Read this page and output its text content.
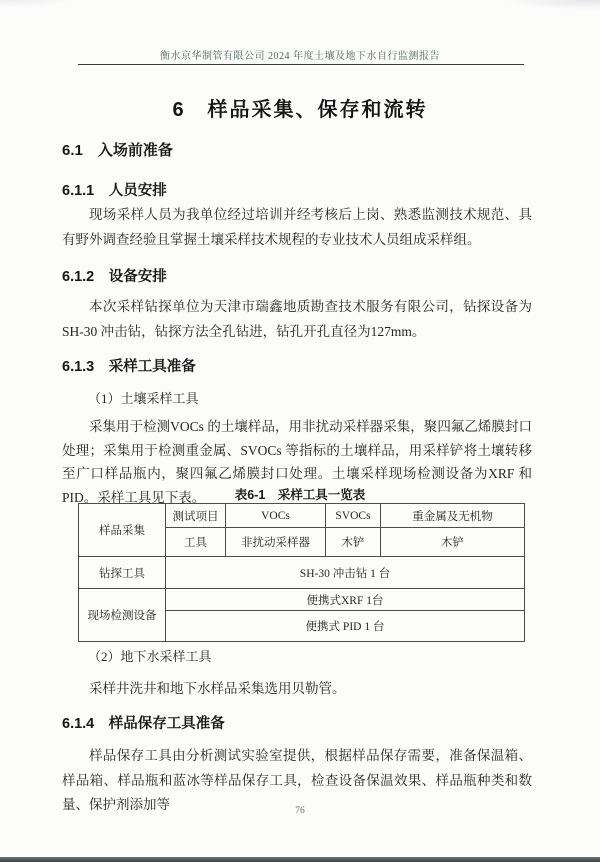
衡水京华制管有限公司 2024 年度土壤及地下水自行监测报告
6　样品采集、保存和流转
6.1　入场前准备
6.1.1　人员安排

现场采样人员为我单位经过培训并经考核后上岗、熟悉监测技术规范、具有野外调查经验且掌握土壤采样技术规程的专业技术人员组成采样组。

6.1.2　设备安排

本次采样钻探单位为天津市瑞鑫地质勘查技术服务有限公司，钻探设备为SH-30 冲击钻，钻探方法全孔钻进，钻孔开孔直径为127mm。

6.1.3　采样工具准备

（1）土壤采样工具

采集用于检测VOCs 的土壤样品，用非扰动采样器采集，聚四氟乙烯膜封口处理；采集用于检测重金属、SVOCs 等指标的土壤样品，用采样铲将土壤转移至广口样品瓶内，聚四氟乙烯膜封口处理。土壤采样现场检测设备为XRF 和PID。采样工具见下表。	表6-1　采样工具一览表
样品采集	测试项目	VOCs	SVOCs	重金属及无机物
	工具	非扰动采样器	木铲	木铲
钻探工具	SH-30 冲击钻 1 台			
现场检测设备	便携式XRF 1台			
	便携式 PID 1 台			

（2）地下水采样工具

采样井洗井和地下水样品采集选用贝勒管。

6.1.4　样品保存工具准备

样品保存工具由分析测试实验室提供，根据样品保存需要，准备保温箱、样品箱、样品瓶和蓝冰等样品保存工具，检查设备保温效果、样品瓶种类和数量、保护剂添加等	76
